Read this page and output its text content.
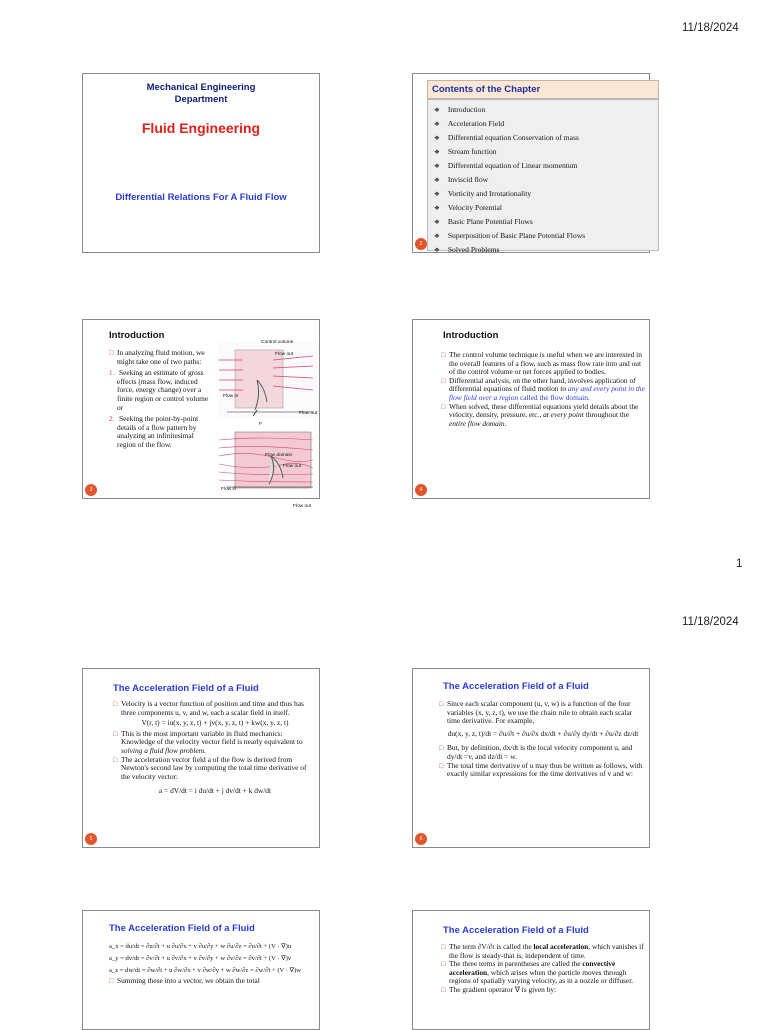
11/18/2024
Mechanical Engineering Department
Fluid Engineering
Differential Relations For A Fluid Flow
Contents of the Chapter
❖ Introduction
❖ Acceleration Field
❖ Differential equation Conservation of mass
❖ Stream function
❖ Differential equation of Linear momentum
❖ Inviscid flow
❖ Vorticity and Irrotationality
❖ Velocity Potential
❖ Basic Plane Potential Flows
❖ Superposition of Basic Plane Potential Flows
❖ Solved Problems
2
Introduction
□ In analyzing fluid motion, we might take one of two paths:
1. Seeking an estimate of gross effects (mass flow, induced force, energy change) over a finite region or control volume or
2. Seeking the point-by-point details of a flow pattern by analyzing an infinitesimal region of the flow.
Control volume
Flow out
Flow in
Flow out
F
Flow domain
Flow out
Flow in
Flow out
3
Introduction
□ The control volume technique is useful when we are interested in the overall features of a flow, such as mass flow rate into and out of the control volume or net forces applied to bodies.
□ Differential analysis, on the other hand, involves application of differential equations of fluid motion to any and every point in the flow field over a region called the flow domain.
□ When solved, these differential equations yield details about the velocity, density, pressure, etc., at every point throughout the entire flow domain.
4
1
11/18/2024
The Acceleration Field of a Fluid
□ Velocity is a vector function of position and time and thus has three components u, v, and w, each a scalar field in itself.
V(r, t) = iu(x, y, z, t) + jv(x, y, z, t) + kw(x, y, z, t)
□ This is the most important variable in fluid mechanics: Knowledge of the velocity vector field is nearly equivalent to solving a fluid flow problem.
□ The acceleration vector field a of the flow is derived from Newton's second law by computing the total time derivative of the velocity vector:
a = dV/dt = i du/dt + j dv/dt + k dw/dt
5
The Acceleration Field of a Fluid
□ Since each scalar component (u, v, w) is a function of the four variables (x, y, z, t), we use the chain rule to obtain each scalar time derivative. For example,
du(x, y, z, t)/dt = ∂u/∂t + ∂u/∂x dx/dt + ∂u/∂y dy/dt + ∂u/∂z dz/dt
□ But, by definition, dx/dt is the local velocity component u, and dy/dt =v, and dz/dt = w.
□ The total time derivative of u may thus be written as follows, with exactly similar expressions for the time derivatives of v and w:
6
The Acceleration Field of a Fluid
a_x = du/dt = ∂u/∂t + u ∂u/∂x + v ∂u/∂y + w ∂u/∂z = ∂u/∂t + (V · ∇)u
a_y = dv/dt = ∂v/∂t + u ∂v/∂x + v ∂v/∂y + w ∂v/∂z = ∂v/∂t + (V · ∇)v
a_z = dw/dt = ∂w/∂t + u ∂w/∂x + v ∂w/∂y + w ∂w/∂z = ∂w/∂t + (V · ∇)w
□ Summing these into a vector, we obtain the total
The Acceleration Field of a Fluid
□ The term ∂V/∂t is called the local acceleration, which vanishes if the flow is steady-that is, independent of time.
□ The three terms in parentheses are called the convective acceleration, which arises when the particle moves through regions of spatially varying velocity, as in a nozzle or diffuser.
□ The gradient operator ∇ is given by:
